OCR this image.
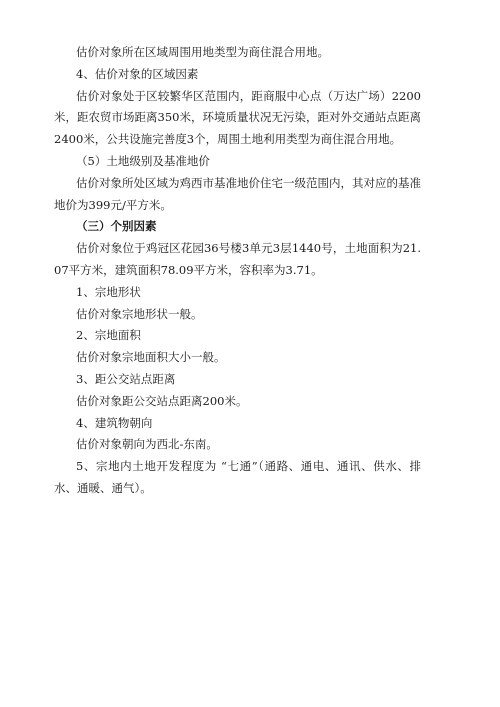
估价对象所在区域周围用地类型为商住混合用地。

4、估价对象的区域因素

估价对象处于区较繁华区范围内，距商服中心点（万达广场）2200米，距农贸市场距离350米，环境质量状况无污染，距对外交通站点距离2400米，公共设施完善度3个，周围土地利用类型为商住混合用地。

（5）土地级别及基准地价

估价对象所处区域为鸡西市基准地价住宅一级范围内，其对应的基准地价为399元/平方米。

（三）个别因素

估价对象位于鸡冠区花园36号楼3单元3层1440号，土地面积为21.07平方米，建筑面积78.09平方米，容积率为3.71。

1、宗地形状

估价对象宗地形状一般。

2、宗地面积

估价对象宗地面积大小一般。

3、距公交站点距离

估价对象距公交站点距离200米。

4、建筑物朝向

估价对象朝向为西北-东南。

5、宗地内土地开发程度为 “七通”（通路、通电、通讯、供水、排水、通暖、通气）。
